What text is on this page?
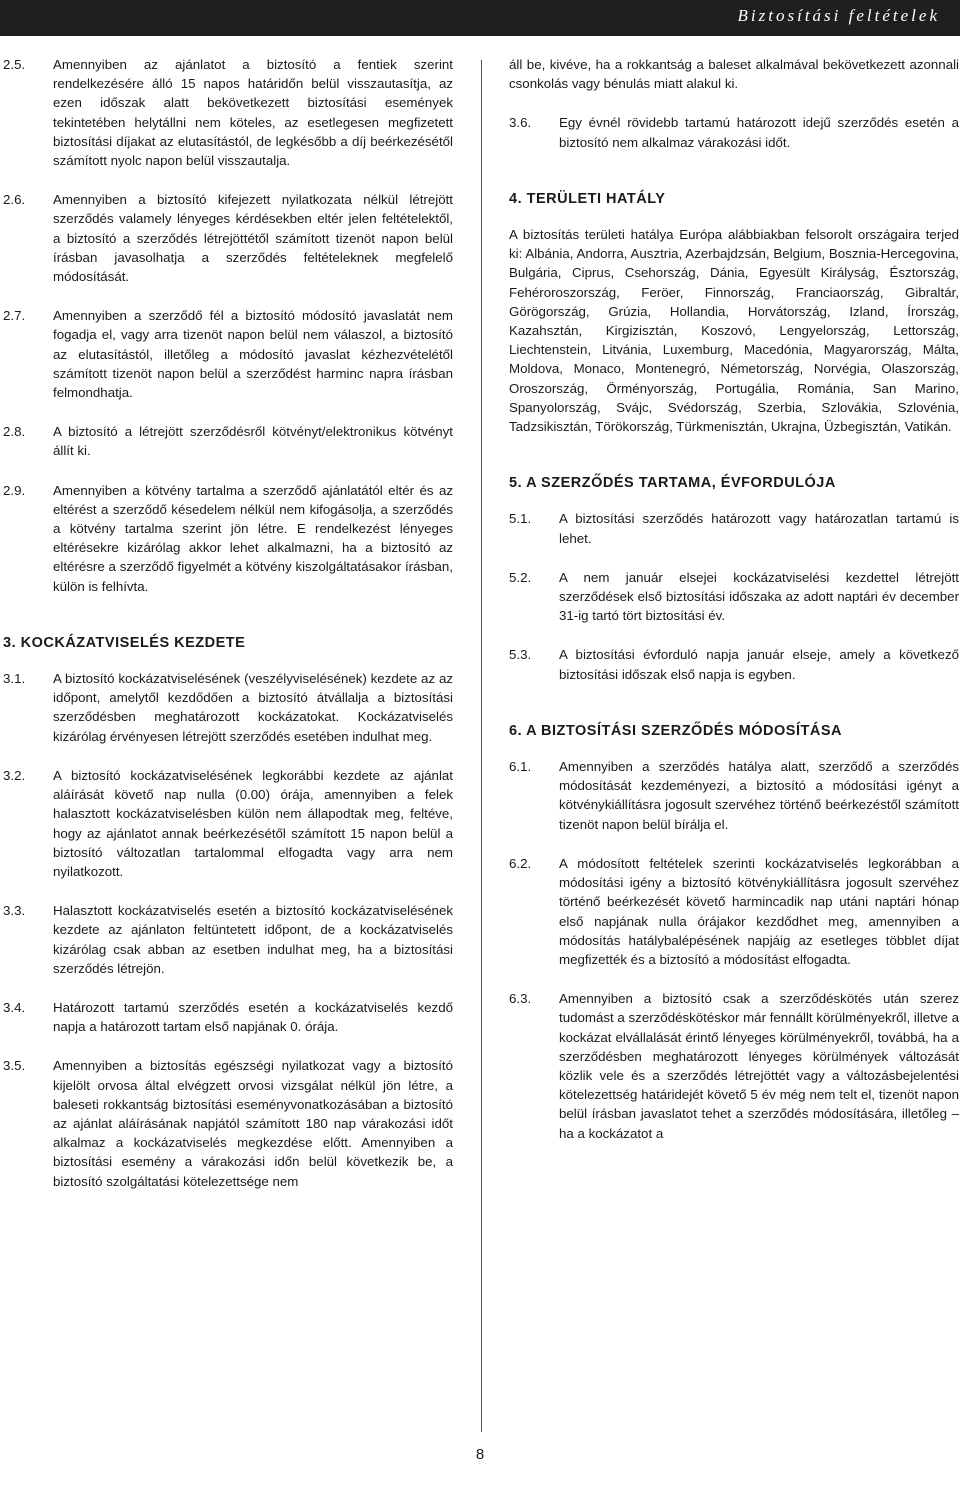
Biztosítási feltételek
2.5.	Amennyiben az ajánlatot a biztosító a fentiek szerint rendelkezésére álló 15 napos határidőn belül visszautasítja, az ezen időszak alatt bekövetkezett biztosítási események tekintetében helytállni nem köteles, az esetlegesen megfizetett biztosítási díjakat az elutasítástól, de legkésőbb a díj beérkezésétől számított nyolc napon belül visszautalja.
2.6.	Amennyiben a biztosító kifejezett nyilatkozata nélkül létrejött szerződés valamely lényeges kérdésekben eltér jelen feltételektől, a biztosító a szerződés létrejöttétől számított tizenöt napon belül írásban javasolhatja a szerződés feltételeknek megfelelő módosítását.
2.7.	Amennyiben a szerződő fél a biztosító módosító javaslatát nem fogadja el, vagy arra tizenöt napon belül nem válaszol, a biztosító az elutasítástól, illetőleg a módosító javaslat kézhezvételétől számított tizenöt napon belül a szerződést harminc napra írásban felmondhatja.
2.8.	A biztosító a létrejött szerződésről kötvényt/elektronikus kötvényt állít ki.
2.9.	Amennyiben a kötvény tartalma a szerződő ajánlatától eltér és az eltérést a szerződő késedelem nélkül nem kifogásolja, a szerződés a kötvény tartalma szerint jön létre. E rendelkezést lényeges eltérésekre kizárólag akkor lehet alkalmazni, ha a biztosító az eltérésre a szerződő figyelmét a kötvény kiszolgáltatásakor írásban, külön is felhívta.

3. KOCKÁZATVISELÉS KEZDETE

3.1.	A biztosító kockázatviselésének (veszélyviselésének) kezdete az az időpont, amelytől kezdődően a biztosító átvállalja a biztosítási szerződésben meghatározott kockázatokat. Kockázatviselés kizárólag érvényesen létrejött szerződés esetében indulhat meg.
3.2.	A biztosító kockázatviselésének legkorábbi kezdete az ajánlat aláírását követő nap nulla (0.00) órája, amennyiben a felek halasztott kockázatviselésben külön nem állapodtak meg, feltéve, hogy az ajánlatot annak beérkezésétől számított 15 napon belül a biztosító változatlan tartalommal elfogadta vagy arra nem nyilatkozott.
3.3.	Halasztott kockázatviselés esetén a biztosító kockázatviselésének kezdete az ajánlaton feltüntetett időpont, de a kockázatviselés kizárólag csak abban az esetben indulhat meg, ha a biztosítási szerződés létrejön.
3.4.	Határozott tartamú szerződés esetén a kockázatviselés kezdő napja a határozott tartam első napjának 0. órája.
3.5.	Amennyiben a biztosítás egészségi nyilatkozat vagy a biztosító kijelölt orvosa által elvégzett orvosi vizsgálat nélkül jön létre, a baleseti rokkantság biztosítási eseményvonatkozásában a biztosító az ajánlat aláírásának napjától számított 180 nap várakozási időt alkalmaz a kockázatviselés megkezdése előtt. Amennyiben a biztosítási esemény a várakozási időn belül következik be, a biztosító szolgáltatási kötelezettsége nem

áll be, kivéve, ha a rokkantság a baleset alkalmával bekövetkezett azonnali csonkolás vagy bénulás miatt alakul ki.

3.6.	Egy évnél rövidebb tartamú határozott idejű szerződés esetén a biztosító nem alkalmaz várakozási időt.

4. TERÜLETI HATÁLY

A biztosítás területi hatálya Európa alábbiakban felsorolt országaira terjed ki: Albánia, Andorra, Ausztria, Azerbajdzsán, Belgium, Bosznia-Hercegovina, Bulgária, Ciprus, Csehország, Dánia, Egyesült Királyság, Észtország, Fehéroroszország, Feröer, Finnország, Franciaország, Gibraltár, Görögország, Grúzia, Hollandia, Horvátország, Izland, Írország, Kazahsztán, Kirgizisztán, Koszovó, Lengyelország, Lettország, Liechtenstein, Litvánia, Luxemburg, Macedónia, Magyarország, Málta, Moldova, Monaco, Montenegró, Németország, Norvégia, Olaszország, Oroszország, Örményország, Portugália, Románia, San Marino, Spanyolország, Svájc, Svédország, Szerbia, Szlovákia, Szlovénia, Tadzsikisztán, Törökország, Türkmenisztán, Ukrajna, Üzbegisztán, Vatikán.

5. A SZERZŐDÉS TARTAMA, ÉVFORDULÓJA

5.1.	A biztosítási szerződés határozott vagy határozatlan tartamú is lehet.
5.2.	A nem január elsejei kockázatviselési kezdettel létrejött szerződések első biztosítási időszaka az adott naptári év december 31-ig tartó tört biztosítási év.
5.3.	A biztosítási évforduló napja január elseje, amely a következő biztosítási időszak első napja is egyben.

6. A BIZTOSÍTÁSI SZERZŐDÉS MÓDOSÍTÁSA

6.1.	Amennyiben a szerződés hatálya alatt, szerződő a szerződés módosítását kezdeményezi, a biztosító a módosítási igényt a kötvénykiállításra jogosult szervéhez történő beérkezéstől számított tizenöt napon belül bírálja el.
6.2.	A módosított feltételek szerinti kockázatviselés legkorábban a módosítási igény a biztosító kötvénykiállításra jogosult szervéhez történő beérkezését követő harmincadik nap utáni naptári hónap első napjának nulla órájakor kezdődhet meg, amennyiben a módosítás hatálybalépésének napjáig az esetleges többlet díjat megfizették és a biztosító a módosítást elfogadta.
6.3.	Amennyiben a biztosító csak a szerződéskötés után szerez tudomást a szerződéskötéskor már fennállt körülményekről, illetve a kockázat elvállalását érintő lényeges körülményekről, továbbá, ha a szerződésben meghatározott lényeges körülmények változását közlik vele és a szerződés létrejöttét vagy a változásbejelentési kötelezettség határidejét követő 5 év még nem telt el, tizenöt napon belül írásban javaslatot tehet a szerződés módosítására, illetőleg – ha a kockázatot a
8
